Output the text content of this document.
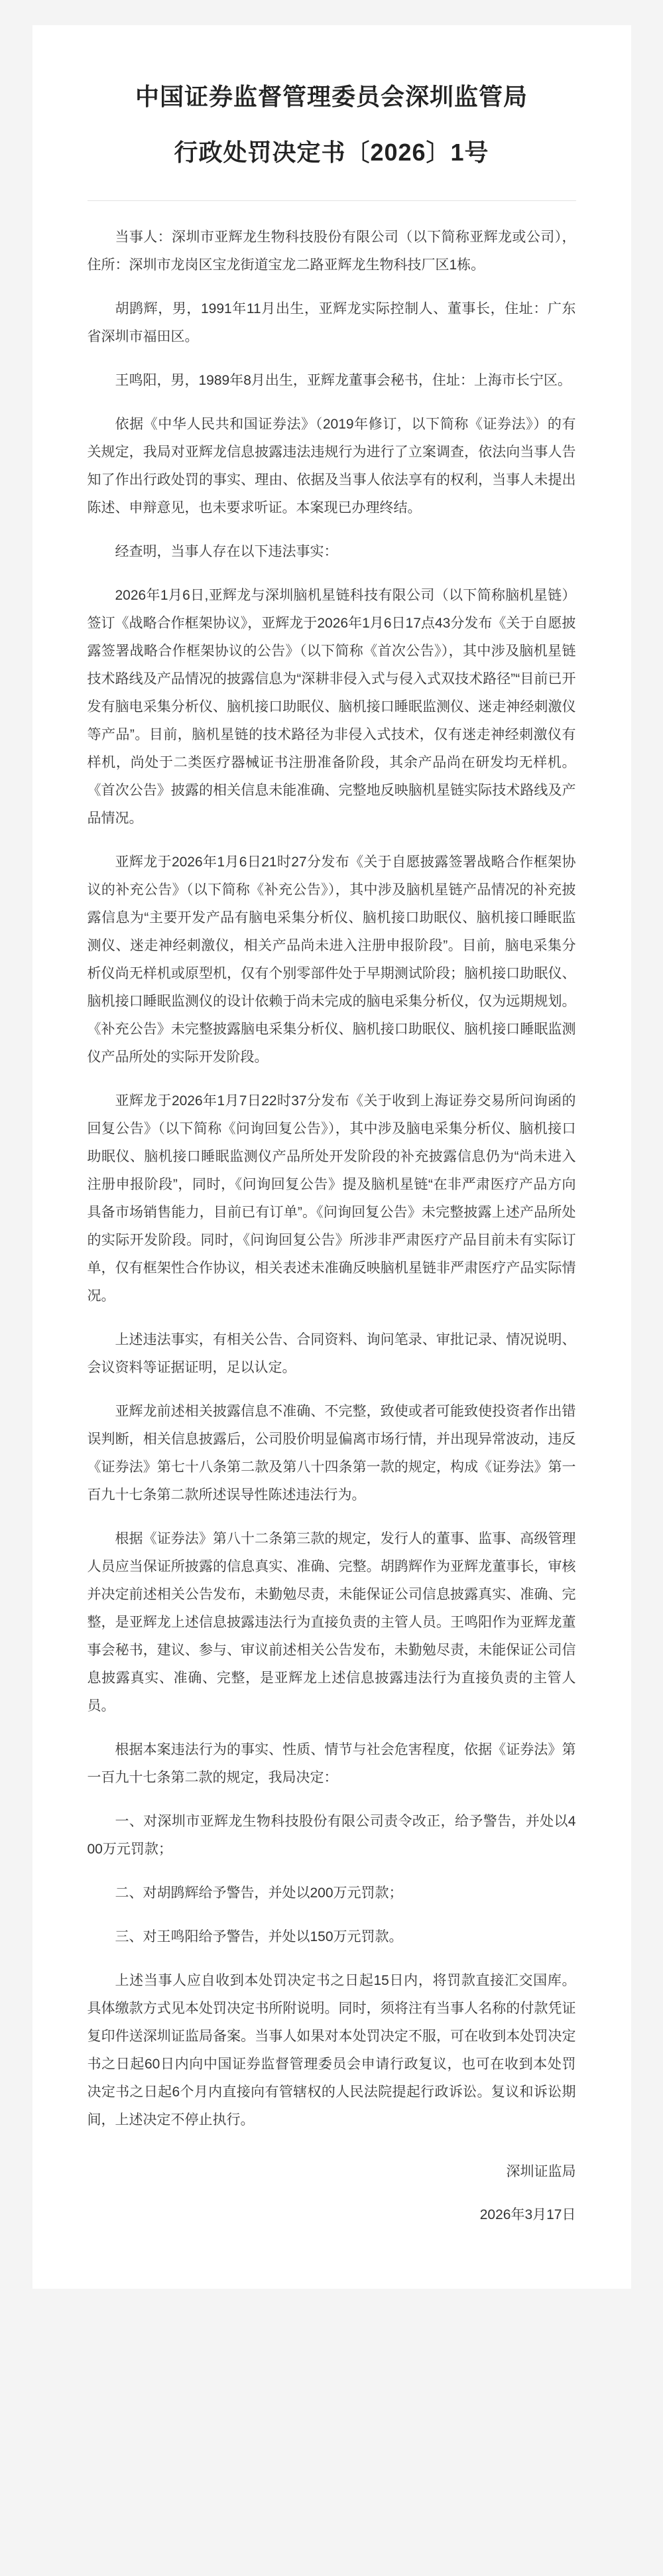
中国证券监督管理委员会深圳监管局
行政处罚决定书〔2026〕1号

当事人：深圳市亚辉龙生物科技股份有限公司（以下简称亚辉龙或公司），住所：深圳市龙岗区宝龙街道宝龙二路亚辉龙生物科技厂区1栋。

胡鹍辉，男，1991年11月出生，亚辉龙实际控制人、董事长，住址：广东省深圳市福田区。

王鸣阳，男，1989年8月出生，亚辉龙董事会秘书，住址：上海市长宁区。

依据《中华人民共和国证券法》（2019年修订，以下简称《证券法》）的有关规定，我局对亚辉龙信息披露违法违规行为进行了立案调查，依法向当事人告知了作出行政处罚的事实、理由、依据及当事人依法享有的权利，当事人未提出陈述、申辩意见，也未要求听证。本案现已办理终结。

经查明，当事人存在以下违法事实：

2026年1月6日,亚辉龙与深圳脑机星链科技有限公司（以下简称脑机星链）签订《战略合作框架协议》，亚辉龙于2026年1月6日17点43分发布《关于自愿披露签署战略合作框架协议的公告》（以下简称《首次公告》），其中涉及脑机星链技术路线及产品情况的披露信息为“深耕非侵入式与侵入式双技术路径”“目前已开发有脑电采集分析仪、脑机接口助眠仪、脑机接口睡眠监测仪、迷走神经刺激仪等产品”。目前，脑机星链的技术路径为非侵入式技术，仅有迷走神经刺激仪有样机，尚处于二类医疗器械证书注册准备阶段，其余产品尚在研发均无样机。《首次公告》披露的相关信息未能准确、完整地反映脑机星链实际技术路线及产品情况。

亚辉龙于2026年1月6日21时27分发布《关于自愿披露签署战略合作框架协议的补充公告》（以下简称《补充公告》），其中涉及脑机星链产品情况的补充披露信息为“主要开发产品有脑电采集分析仪、脑机接口助眠仪、脑机接口睡眠监测仪、迷走神经刺激仪，相关产品尚未进入注册申报阶段”。目前，脑电采集分析仪尚无样机或原型机，仅有个别零部件处于早期测试阶段；脑机接口助眠仪、脑机接口睡眠监测仪的设计依赖于尚未完成的脑电采集分析仪，仅为远期规划。《补充公告》未完整披露脑电采集分析仪、脑机接口助眠仪、脑机接口睡眠监测仪产品所处的实际开发阶段。

亚辉龙于2026年1月7日22时37分发布《关于收到上海证券交易所问询函的回复公告》（以下简称《问询回复公告》），其中涉及脑电采集分析仪、脑机接口助眠仪、脑机接口睡眠监测仪产品所处开发阶段的补充披露信息仍为“尚未进入注册申报阶段”，同时，《问询回复公告》提及脑机星链“在非严肃医疗产品方向具备市场销售能力，目前已有订单”。《问询回复公告》未完整披露上述产品所处的实际开发阶段。同时，《问询回复公告》所涉非严肃医疗产品目前未有实际订单，仅有框架性合作协议，相关表述未准确反映脑机星链非严肃医疗产品实际情况。

上述违法事实，有相关公告、合同资料、询问笔录、审批记录、情况说明、会议资料等证据证明，足以认定。

亚辉龙前述相关披露信息不准确、不完整，致使或者可能致使投资者作出错误判断，相关信息披露后，公司股价明显偏离市场行情，并出现异常波动，违反《证券法》第七十八条第二款及第八十四条第一款的规定，构成《证券法》第一百九十七条第二款所述误导性陈述违法行为。

根据《证券法》第八十二条第三款的规定，发行人的董事、监事、高级管理人员应当保证所披露的信息真实、准确、完整。胡鹍辉作为亚辉龙董事长，审核并决定前述相关公告发布，未勤勉尽责，未能保证公司信息披露真实、准确、完整，是亚辉龙上述信息披露违法行为直接负责的主管人员。王鸣阳作为亚辉龙董事会秘书，建议、参与、审议前述相关公告发布，未勤勉尽责，未能保证公司信息披露真实、准确、完整，是亚辉龙上述信息披露违法行为直接负责的主管人员。

根据本案违法行为的事实、性质、情节与社会危害程度，依据《证券法》第一百九十七条第二款的规定，我局决定：

一、对深圳市亚辉龙生物科技股份有限公司责令改正，给予警告，并处以400万元罚款；

二、对胡鹍辉给予警告，并处以200万元罚款；

三、对王鸣阳给予警告，并处以150万元罚款。

上述当事人应自收到本处罚决定书之日起15日内，将罚款直接汇交国库。具体缴款方式见本处罚决定书所附说明。同时，须将注有当事人名称的付款凭证复印件送深圳证监局备案。当事人如果对本处罚决定不服，可在收到本处罚决定书之日起60日内向中国证券监督管理委员会申请行政复议，也可在收到本处罚决定书之日起6个月内直接向有管辖权的人民法院提起行政诉讼。复议和诉讼期间，上述决定不停止执行。

深圳证监局
2026年3月17日
